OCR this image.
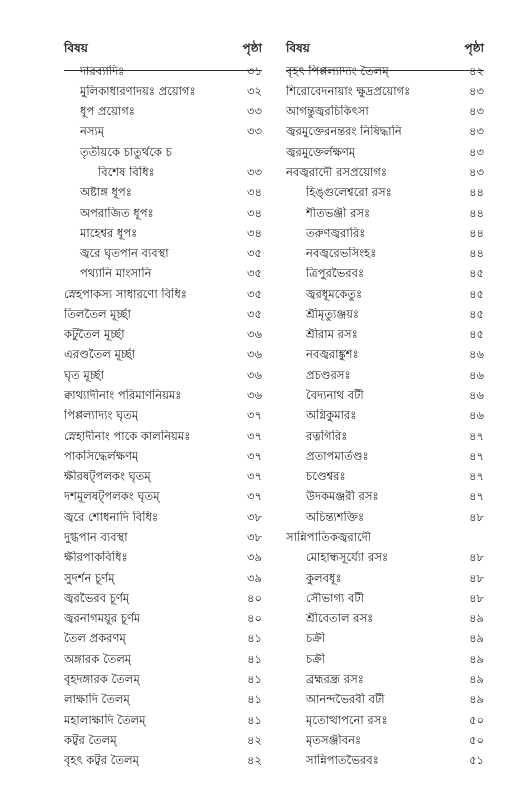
বিষয়	পৃষ্ঠা
দারব্যাদিঃ	৩১
মুলিকাধারণাদয়ঃ প্রয়োগঃ	৩২
ধূপ প্রয়োগঃ	৩৩
নস্যম্	৩৩
তৃতীয়কে চাতুর্থকে চ
বিশেষ বিধিঃ	৩৩
অষ্টাঙ্গ ধূপঃ	৩৪
অপরাজিত ধূপঃ	৩৪
মাহেশ্বর ধূপঃ	৩৪
জ্বরে ঘৃতপান ব্যবস্থা	৩৫
পথ্যানি মাংসানি	৩৫
স্নেহপাকস্য সাধারণো বিধিঃ	৩৫
তিলতৈল মূর্চ্ছা	৩৫
কটুতৈল মূর্চ্ছা	৩৬
এরণ্ডতৈল মূর্চ্ছা	৩৬
ঘৃত মূর্চ্ছা	৩৬
ক্বাথ্যাদীনাং পরিমাণনিয়মঃ	৩৬
পিপ্পল্যাদ্যং ঘৃতম্	৩৭
স্নেহাদীনাং পাকে কালনিয়মঃ	৩৭
পাকসিদ্ধের্লক্ষণম্	৩৭
ক্ষীরষট্পলকং ঘৃতম্	৩৭
দশমূলষট্পলকং ঘৃতম্	৩৭
জ্বরে শোধনাদি বিধিঃ	৩৮
দুগ্ধপান ব্যবস্থা	৩৮
ক্ষীরপাকবিধিঃ	৩৯
সুদর্শন চূর্ণম্	৩৯
জ্বরভৈরব চূর্ণম্	৪০
জ্বরনাগময়ূর চূর্ণম	৪০
তৈল প্রকরণম্	৪১
অঙ্গারক তৈলম্	৪১
বৃহদঙ্গারক তৈলম্	৪১
লাক্ষাদি তৈলম্	৪১
মহালাক্ষাদি তৈলম্	৪১
কট্বর তৈলম্	৪২
বৃহৎ কট্বর তৈলম্	৪২
বিষয়	পৃষ্ঠা
বৃহৎ পিপ্পল্যাদ্যং তৈলম্	৪২
শিরোবেদনায়াং ক্ষুদ্রপ্রয়োগঃ	৪৩
আগন্তুজ্বরচিকিৎসা	৪৩
জ্বরমুক্তেরনন্তরং নিষিদ্ধানি	৪৩
জ্বরমুক্তের্লক্ষণম্	৪৩
নবজ্বরাদৌ রসপ্রয়োগঃ	৪৩
হিঙ্গুলেশ্বরো রসঃ	৪৪
শীতভঞ্জী রসঃ	৪৪
তরুণজ্বরারিঃ	৪৪
নবজ্বরেভসিংহঃ	৪৪
ত্রিপুরভৈরবঃ	৪৫
জ্বরধূমকেতুঃ	৪৫
শ্রীমৃত্যুঞ্জয়ঃ	৪৫
শ্রীরাম রসঃ	৪৫
নবজ্বরাঙ্কুশঃ	৪৬
প্রচণ্ডরসঃ	৪৬
বৈদ্যনাথ বটী	৪৬
অগ্নিকুমারঃ	৪৬
রত্নগিরিঃ	৪৭
প্রতাপমার্তণ্ডঃ	৪৭
চণ্ডেশ্বরঃ	৪৭
উদকমঞ্জরী রসঃ	৪৭
অচিন্ত্যশক্তিঃ	৪৮
সান্নিপাতিকজ্বরাদৌ
মোহান্ধসূর্য্যো রসঃ	৪৮
কুলবধূঃ	৪৮
সৌভাগ্য বটী	৪৮
শ্রীবেতাল রসঃ	৪৯
চক্রী	৪৯
চক্রী	৪৯
ব্রহ্মরন্ধ্র রসঃ	৪৯
আনন্দভৈরবী বটী	৪৯
মৃতোত্থাপনো রসঃ	৫০
মৃতসঞ্জীবনঃ	৫০
সান্নিপাতভৈরবঃ	৫১
